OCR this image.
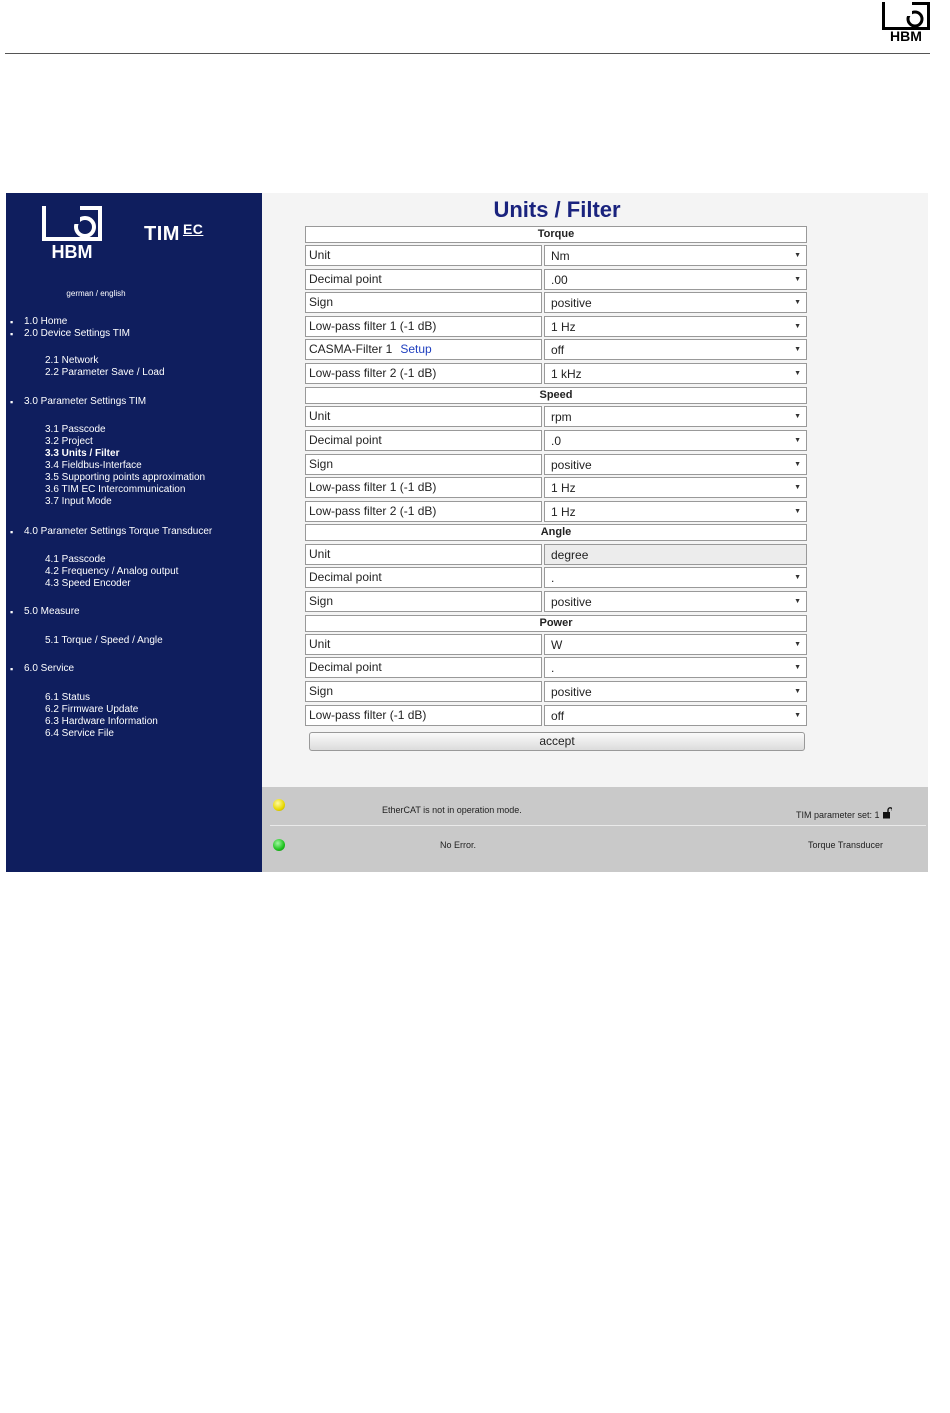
HBM
HBM
TIM $^{EC}$
german / english
▪ 1.0 Home
▪ 2.0 Device Settings TIM
2.1 Network
2.2 Parameter Save / Load
▪ 3.0 Parameter Settings TIM
3.1 Passcode
3.2 Project
3.3 Units / Filter
3.4 Fieldbus-Interface
3.5 Supporting points approximation
3.6 TIM EC Intercommunication
3.7 Input Mode
▪ 4.0 Parameter Settings Torque Transducer
4.1 Passcode
4.2 Frequency / Analog output
4.3 Speed Encoder
▪ 5.0 Measure
5.1 Torque / Speed / Angle
▪ 6.0 Service
6.1 Status
6.2 Firmware Update
6.3 Hardware Information
6.4 Service File
Units / Filter
Torque
Unit	Nm	▼
Decimal point	.00	▼
Sign	positive	▼
Low-pass filter 1 (-1 dB)	1 Hz	▼
CASMA-Filter 1 Setup	off	▼
Low-pass filter 2 (-1 dB)	1 kHz	▼
Speed
Unit	rpm	▼
Decimal point	.0	▼
Sign	positive	▼
Low-pass filter 1 (-1 dB)	1 Hz	▼
Low-pass filter 2 (-1 dB)	1 Hz	▼
Angle
Unit	degree
Decimal point	.	▼
Sign	positive	▼
Power
Unit	W	▼
Decimal point	.	▼
Sign	positive	▼
Low-pass filter (-1 dB)	off	▼
accept
EtherCAT is not in operation mode.	TIM parameter set: 1
No Error.	Torque Transducer
